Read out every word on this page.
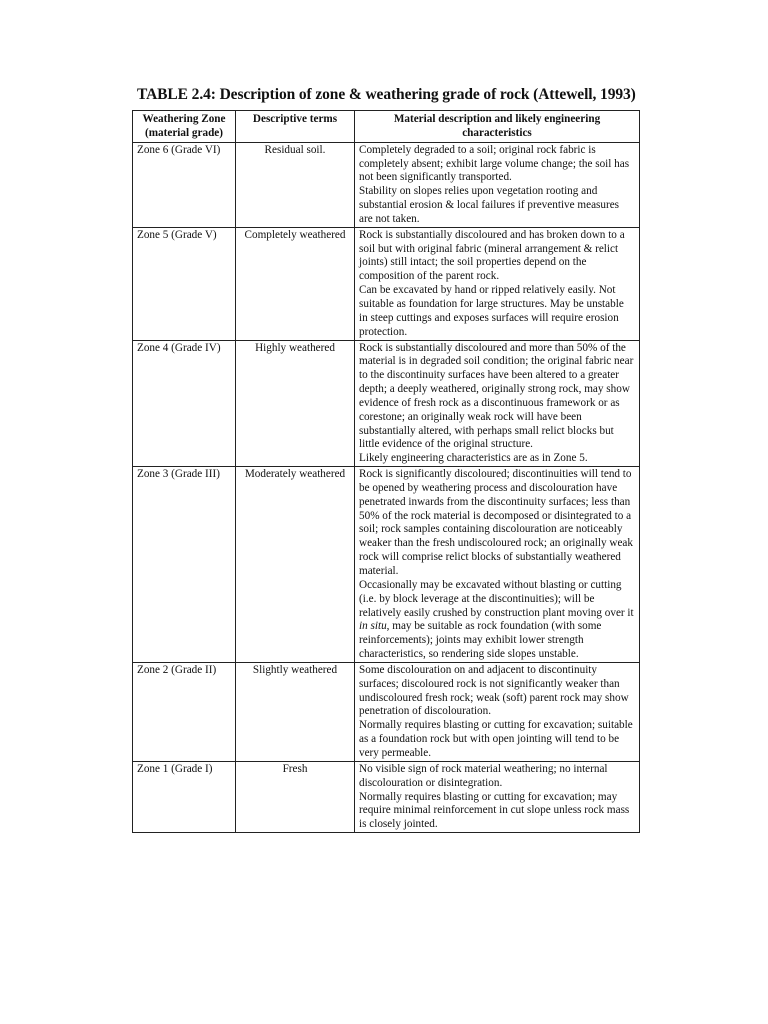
TABLE 2.4: Description of zone & weathering grade of rock (Attewell, 1993)
Weathering Zone (material grade)	Descriptive terms	Material description and likely engineering characteristics
Zone 6 (Grade VI)	Residual soil.	Completely degraded to a soil; original rock fabric is completely absent; exhibit large volume change; the soil has not been significantly transported.
Stability on slopes relies upon vegetation rooting and substantial erosion & local failures if preventive measures are not taken.

Zone 5 (Grade V)	Completely weathered	Rock is substantially discoloured and has broken down to a soil but with original fabric (mineral arrangement & relict joints) still intact; the soil properties depend on the composition of the parent rock.
Can be excavated by hand or ripped relatively easily. Not suitable as foundation for large structures. May be unstable in steep cuttings and exposes surfaces will require erosion protection.

Zone 4 (Grade IV)	Highly weathered	Rock is substantially discoloured and more than 50% of the material is in degraded soil condition; the original fabric near to the discontinuity surfaces have been altered to a greater depth; a deeply weathered, originally strong rock, may show evidence of fresh rock as a discontinuous framework or as corestone; an originally weak rock will have been substantially altered, with perhaps small relict blocks but little evidence of the original structure.
Likely engineering characteristics are as in Zone 5.

Zone 3 (Grade III)	Moderately weathered	Rock is significantly discoloured; discontinuities will tend to be opened by weathering process and discolouration have penetrated inwards from the discontinuity surfaces; less than 50% of the rock material is decomposed or disintegrated to a soil; rock samples containing discolouration are noticeably weaker than the fresh undiscoloured rock; an originally weak rock will comprise relict blocks of substantially weathered material.
Occasionally may be excavated without blasting or cutting (i.e. by block leverage at the discontinuities); will be relatively easily crushed by construction plant moving over it in situ, may be suitable as rock foundation (with some reinforcements); joints may exhibit lower strength characteristics, so rendering side slopes unstable.

Zone 2 (Grade II)	Slightly weathered	Some discolouration on and adjacent to discontinuity surfaces; discoloured rock is not significantly weaker than undiscoloured fresh rock; weak (soft) parent rock may show penetration of discolouration.
Normally requires blasting or cutting for excavation; suitable as a foundation rock but with open jointing will tend to be very permeable.

Zone 1 (Grade I)	Fresh	No visible sign of rock material weathering; no internal discolouration or disintegration.
Normally requires blasting or cutting for excavation; may require minimal reinforcement in cut slope unless rock mass is closely jointed.
